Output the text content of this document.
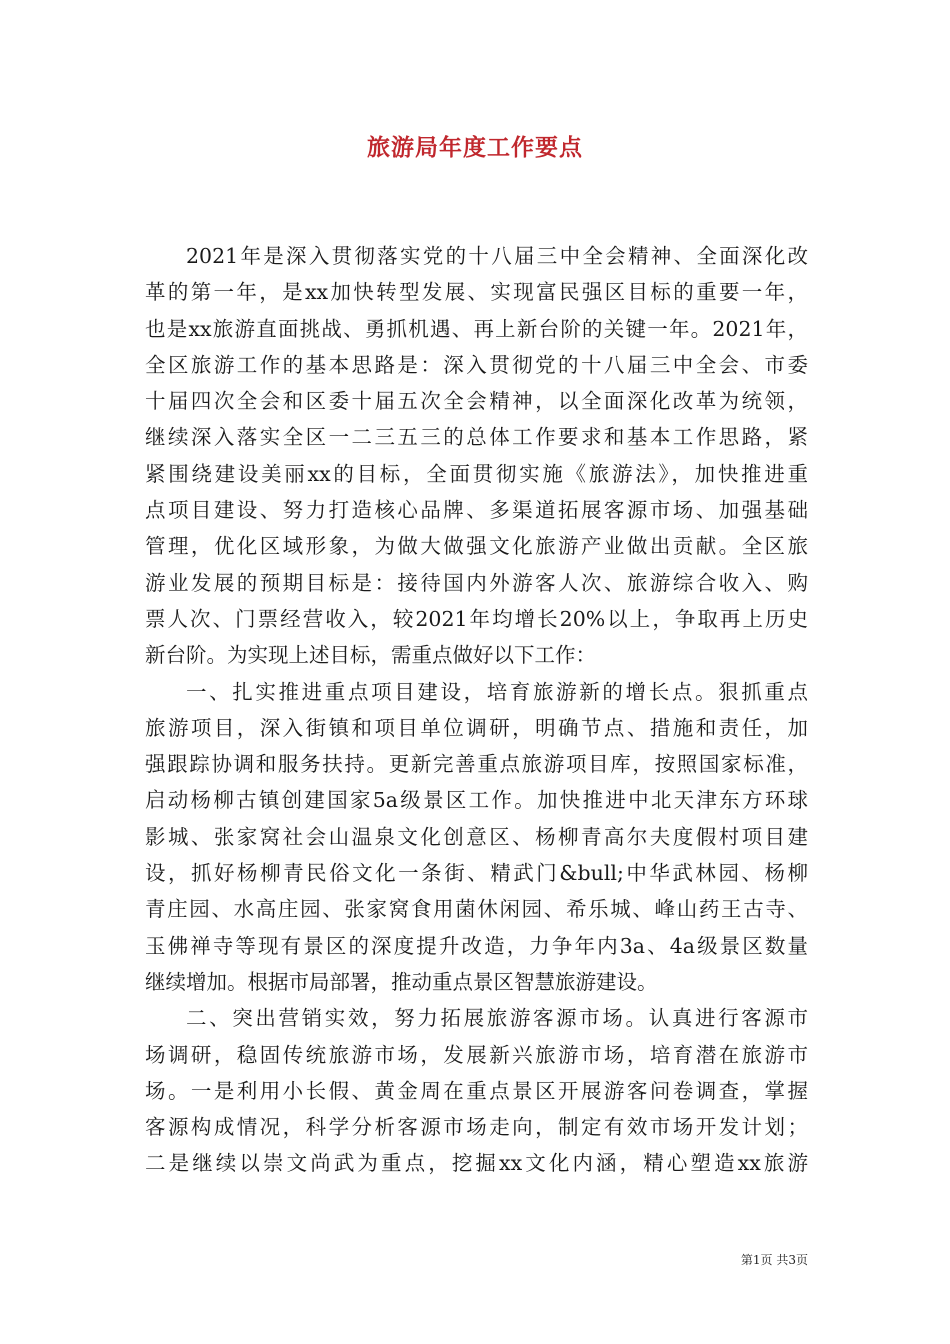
旅游局年度工作要点
2021年是深入贯彻落实党的十八届三中全会精神、全面深化改
革的第一年，是xx加快转型发展、实现富民强区目标的重要一年，
也是xx旅游直面挑战、勇抓机遇、再上新台阶的关键一年。2021年，
全区旅游工作的基本思路是：深入贯彻党的十八届三中全会、市委
十届四次全会和区委十届五次全会精神，以全面深化改革为统领，
继续深入落实全区一二三五三的总体工作要求和基本工作思路，紧
紧围绕建设美丽xx的目标，全面贯彻实施《旅游法》，加快推进重
点项目建设、努力打造核心品牌、多渠道拓展客源市场、加强基础
管理，优化区域形象，为做大做强文化旅游产业做出贡献。全区旅
游业发展的预期目标是：接待国内外游客人次、旅游综合收入、购
票人次、门票经营收入，较2021年均增长20%以上，争取再上历史
新台阶。为实现上述目标，需重点做好以下工作：
一、扎实推进重点项目建设，培育旅游新的增长点。狠抓重点
旅游项目，深入街镇和项目单位调研，明确节点、措施和责任，加
强跟踪协调和服务扶持。更新完善重点旅游项目库，按照国家标准，
启动杨柳古镇创建国家5a级景区工作。加快推进中北天津东方环球
影城、张家窝社会山温泉文化创意区、杨柳青高尔夫度假村项目建
设，抓好杨柳青民俗文化一条街、精武门&bull;中华武林园、杨柳
青庄园、水高庄园、张家窝食用菌休闲园、希乐城、峰山药王古寺、
玉佛禅寺等现有景区的深度提升改造，力争年内3a、4a级景区数量
继续增加。根据市局部署，推动重点景区智慧旅游建设。
二、突出营销实效，努力拓展旅游客源市场。认真进行客源市
场调研，稳固传统旅游市场，发展新兴旅游市场，培育潜在旅游市
场。一是利用小长假、黄金周在重点景区开展游客问卷调查，掌握
客源构成情况，科学分析客源市场走向，制定有效市场开发计划；
二是继续以崇文尚武为重点，挖掘xx文化内涵，精心塑造xx旅游
第1页 共3页
